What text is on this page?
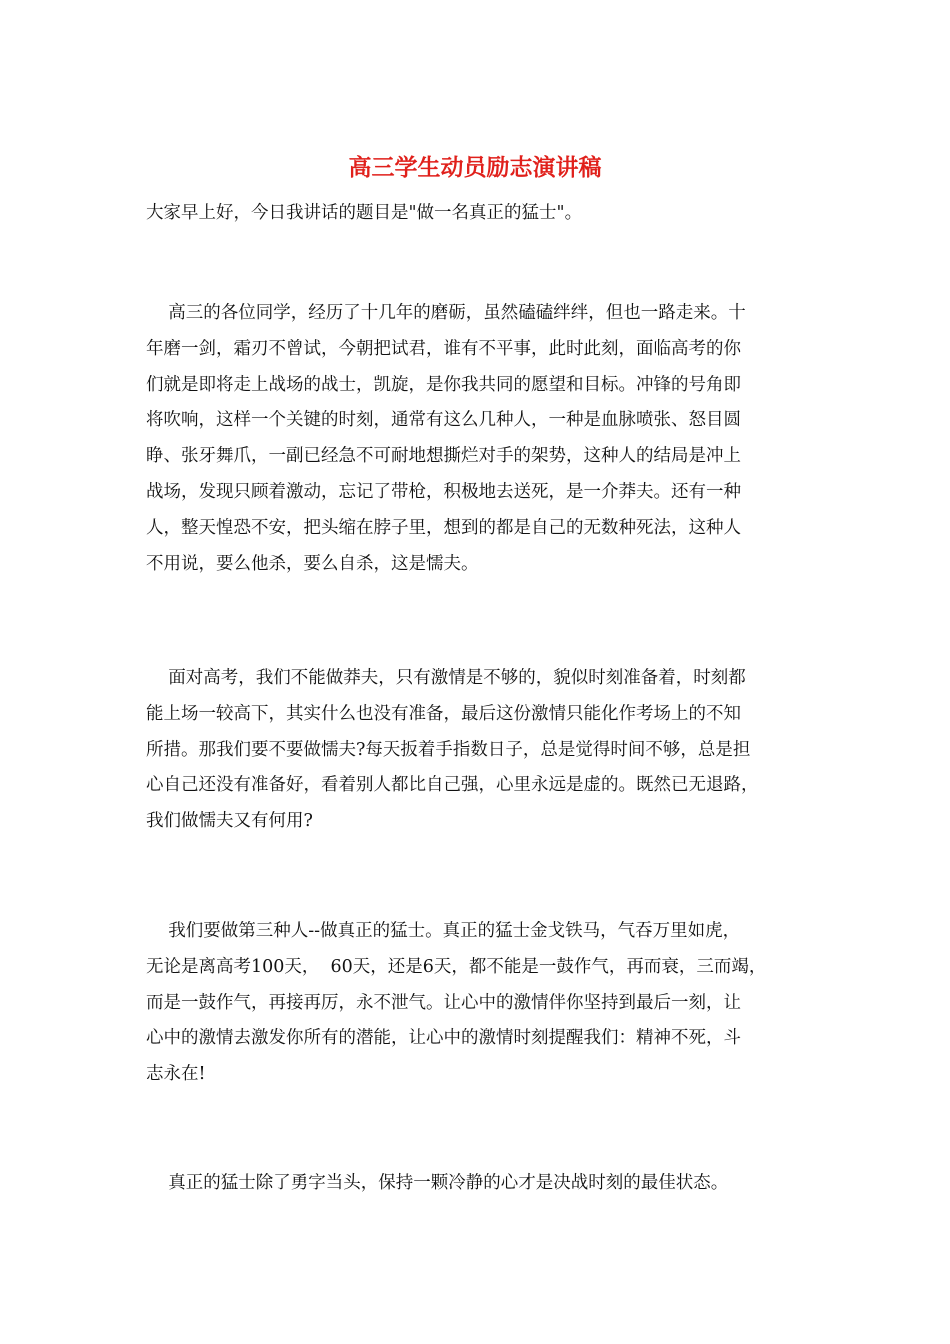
高三学生动员励志演讲稿
大家早上好，今日我讲话的题目是"做一名真正的猛士"。
高三的各位同学，经历了十几年的磨砺，虽然磕磕绊绊，但也一路走来。十
年磨一剑，霜刃不曾试，今朝把试君，谁有不平事，此时此刻，面临高考的你
们就是即将走上战场的战士，凯旋，是你我共同的愿望和目标。冲锋的号角即
将吹响，这样一个关键的时刻，通常有这么几种人，一种是血脉喷张、怒目圆
睁、张牙舞爪，一副已经急不可耐地想撕烂对手的架势，这种人的结局是冲上
战场，发现只顾着激动，忘记了带枪，积极地去送死，是一介莽夫。还有一种
人，整天惶恐不安，把头缩在脖子里，想到的都是自己的无数种死法，这种人
不用说，要么他杀，要么自杀，这是懦夫。
面对高考，我们不能做莽夫，只有激情是不够的，貌似时刻准备着，时刻都
能上场一较高下，其实什么也没有准备，最后这份激情只能化作考场上的不知
所措。那我们要不要做懦夫?每天扳着手指数日子，总是觉得时间不够，总是担
心自己还没有准备好，看着别人都比自己强，心里永远是虚的。既然已无退路，
我们做懦夫又有何用?
我们要做第三种人--做真正的猛士。真正的猛士金戈铁马，气吞万里如虎，
无论是离高考100天，  60天，还是6天，都不能是一鼓作气，再而衰，三而竭，
而是一鼓作气，再接再厉，永不泄气。让心中的激情伴你坚持到最后一刻，让
心中的激情去激发你所有的潜能，让心中的激情时刻提醒我们：精神不死，斗
志永在!
真正的猛士除了勇字当头，保持一颗冷静的心才是决战时刻的最佳状态。
